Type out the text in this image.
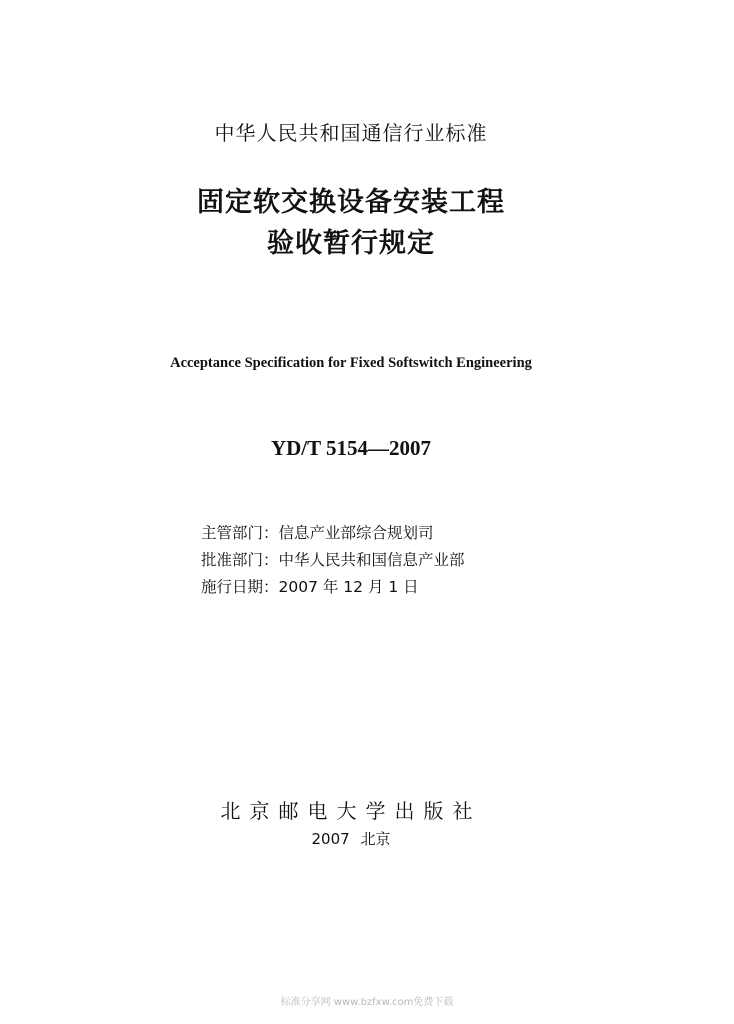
中华人民共和国通信行业标准
固定软交换设备安装工程
验收暂行规定
Acceptance Specification for Fixed Softswitch Engineering
YD/T 5154—2007
主管部门：信息产业部综合规划司
批准部门：中华人民共和国信息产业部
施行日期：2007 年 12 月 1 日
北京邮电大学出版社
2007 北京
标准分享网 www.bzfxw.com免费下载
